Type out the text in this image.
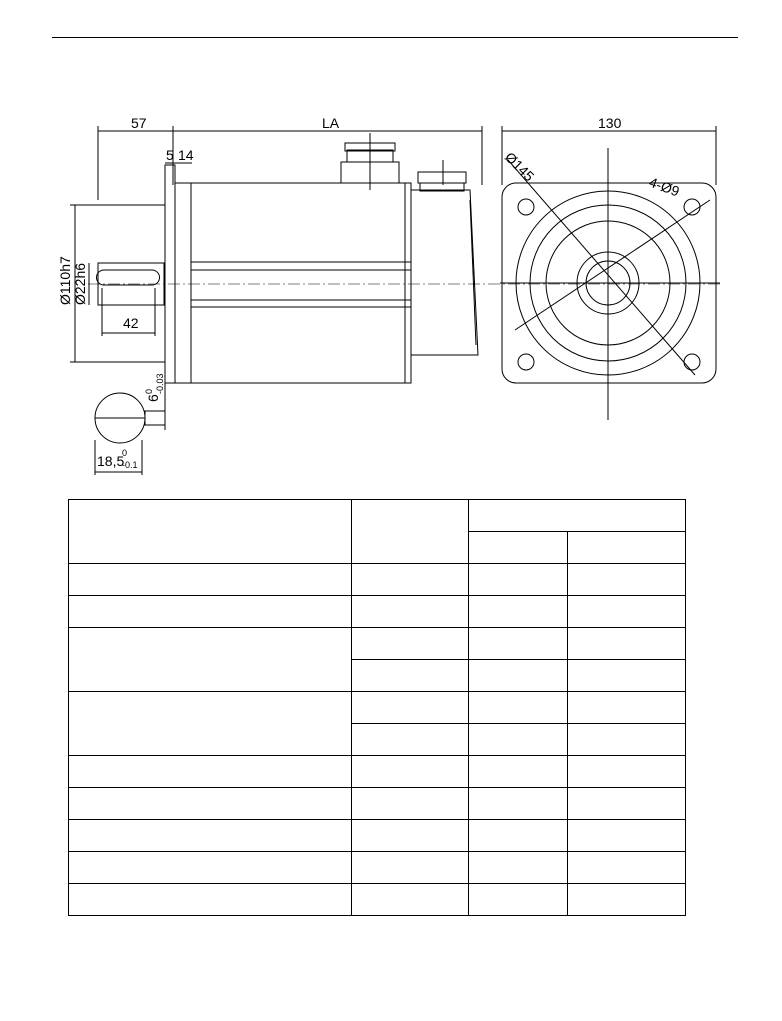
57	LA	130
5 14
Ø110h7 Ø22h6
42
6
0 -0.03
18,5
0
-0.1
Ø145
4-Ø9
